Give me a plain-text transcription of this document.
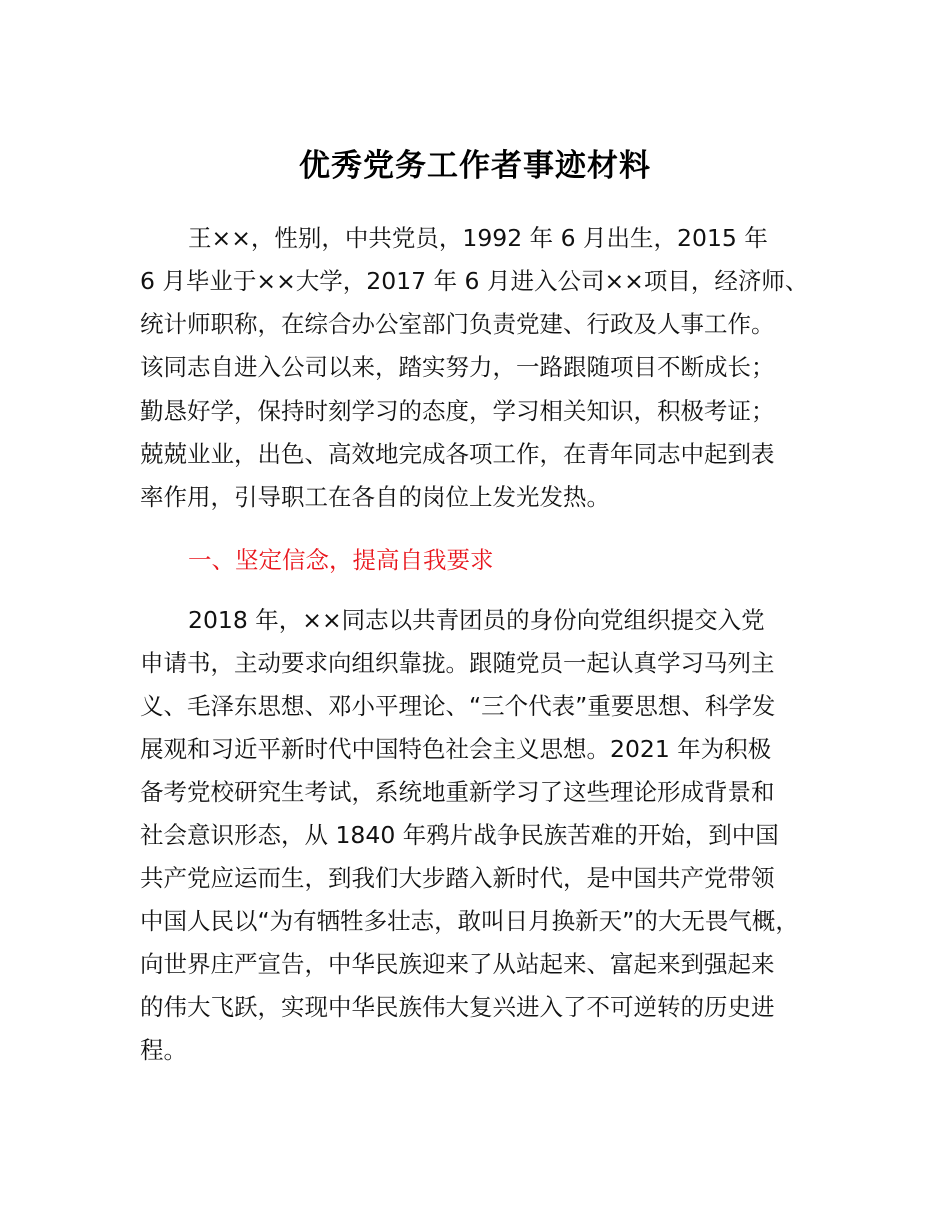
优秀党务工作者事迹材料
王××，性别，中共党员，1992 年 6 月出生，2015 年
6 月毕业于××大学，2017 年 6 月进入公司××项目，经济师、
统计师职称，在综合办公室部门负责党建、行政及人事工作。
该同志自进入公司以来，踏实努力，一路跟随项目不断成长；
勤恳好学，保持时刻学习的态度，学习相关知识，积极考证；
兢兢业业，出色、高效地完成各项工作，在青年同志中起到表
率作用，引导职工在各自的岗位上发光发热。
一、坚定信念，提高自我要求
2018 年，××同志以共青团员的身份向党组织提交入党
申请书，主动要求向组织靠拢。跟随党员一起认真学习马列主
义、毛泽东思想、邓小平理论、“三个代表”重要思想、科学发
展观和习近平新时代中国特色社会主义思想。2021 年为积极
备考党校研究生考试，系统地重新学习了这些理论形成背景和
社会意识形态，从 1840 年鸦片战争民族苦难的开始，到中国
共产党应运而生，到我们大步踏入新时代，是中国共产党带领
中国人民以“为有牺牲多壮志，敢叫日月换新天”的大无畏气概，
向世界庄严宣告，中华民族迎来了从站起来、富起来到强起来
的伟大飞跃，实现中华民族伟大复兴进入了不可逆转的历史进
程。
